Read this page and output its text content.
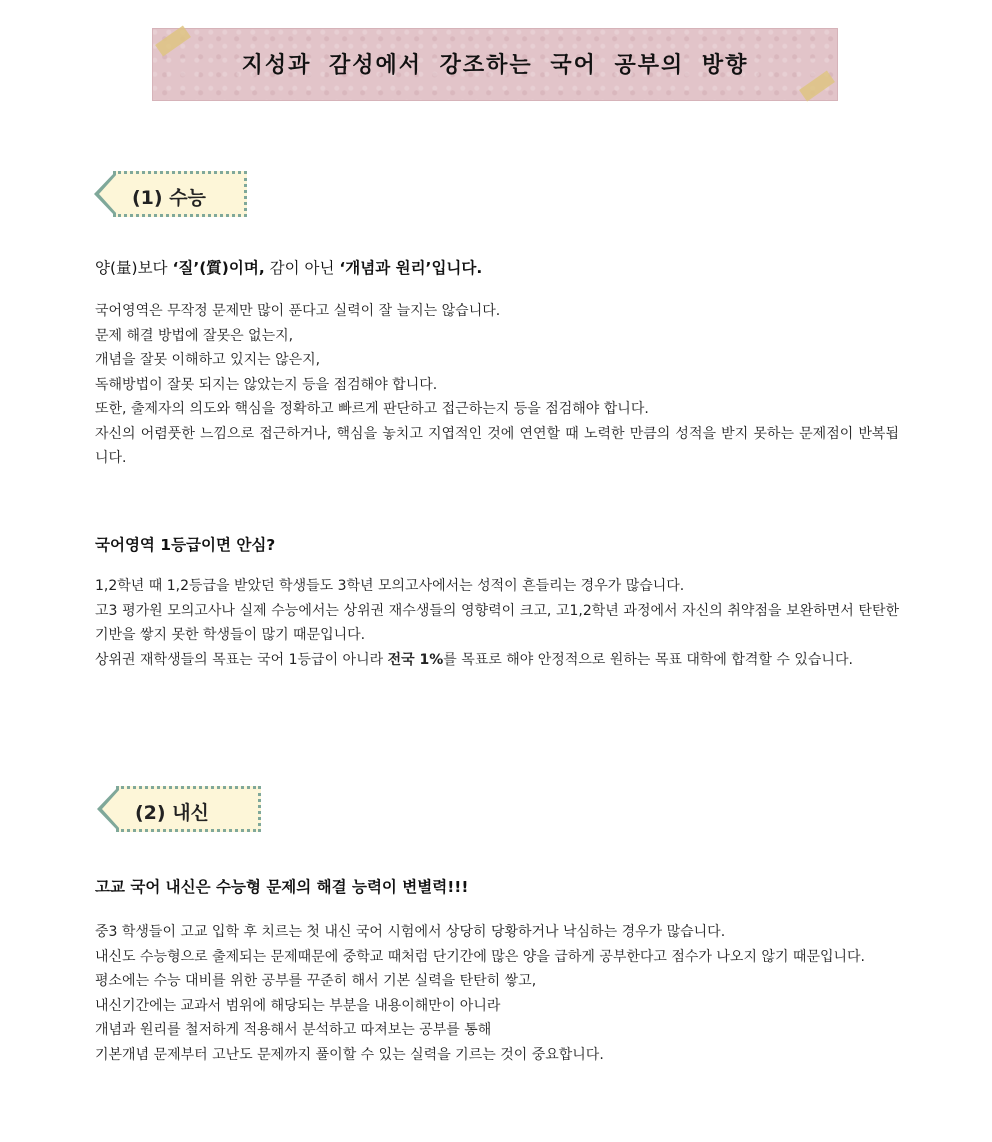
지성과 감성에서 강조하는 국어 공부의 방향
(1) 수능
양(量)보다 ‘질’(質)이며, 감이 아닌 ‘개념과 원리’입니다.
국어영역은 무작정 문제만 많이 푼다고 실력이 잘 늘지는 않습니다.
문제 해결 방법에 잘못은 없는지,
개념을 잘못 이해하고 있지는 않은지,
독해방법이 잘못 되지는 않았는지 등을 점검해야 합니다.
또한, 출제자의 의도와 핵심을 정확하고 빠르게 판단하고 접근하는지 등을 점검해야 합니다.
자신의 어렴풋한 느낌으로 접근하거나, 핵심을 놓치고 지엽적인 것에 연연할 때 노력한 만큼의 성적을 받지 못하는 문제점이 반복됩니다.
국어영역 1등급이면 안심?
1,2학년 때 1,2등급을 받았던 학생들도 3학년 모의고사에서는 성적이 흔들리는 경우가 많습니다.
고3 평가원 모의고사나 실제 수능에서는 상위권 재수생들의 영향력이 크고, 고1,2학년 과정에서 자신의 취약점을 보완하면서 탄탄한 기반을 쌓지 못한 학생들이 많기 때문입니다.
상위권 재학생들의 목표는 국어 1등급이 아니라 전국 1%를 목표로 해야 안정적으로 원하는 목표 대학에 합격할 수 있습니다.
(2) 내신
고교 국어 내신은 수능형 문제의 해결 능력이 변별력!!!
중3 학생들이 고교 입학 후 치르는 첫 내신 국어 시험에서 상당히 당황하거나 낙심하는 경우가 많습니다.
내신도 수능형으로 출제되는 문제때문에 중학교 때처럼 단기간에 많은 양을 급하게 공부한다고 점수가 나오지 않기 때문입니다.
평소에는 수능 대비를 위한 공부를 꾸준히 해서 기본 실력을 탄탄히 쌓고,
내신기간에는 교과서 범위에 해당되는 부분을 내용이해만이 아니라
개념과 원리를 철저하게 적용해서 분석하고 따져보는 공부를 통해
기본개념 문제부터 고난도 문제까지 풀이할 수 있는 실력을 기르는 것이 중요합니다.
